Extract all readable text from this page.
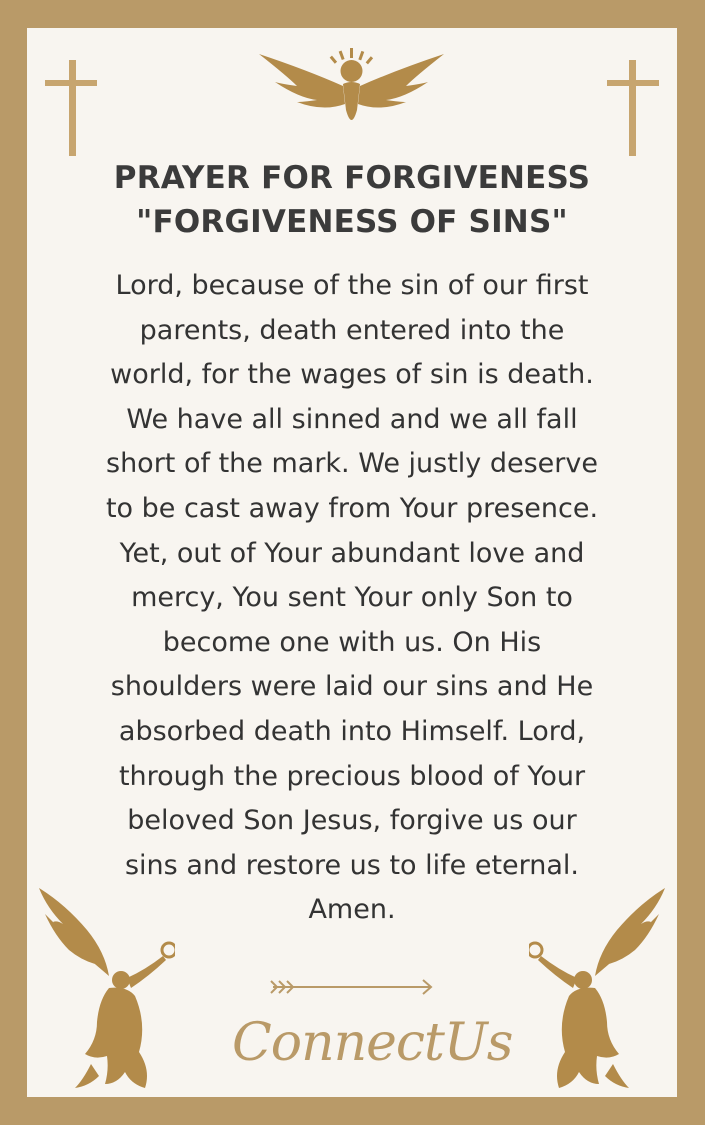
PRAYER FOR FORGIVENESS
"FORGIVENESS OF SINS"
Lord, because of the sin of our first
parents, death entered into the
world, for the wages of sin is death.
We have all sinned and we all fall
short of the mark. We justly deserve
to be cast away from Your presence.
Yet, out of Your abundant love and
mercy, You sent Your only Son to
become one with us. On His
shoulders were laid our sins and He
absorbed death into Himself. Lord,
through the precious blood of Your
beloved Son Jesus, forgive us our
sins and restore us to life eternal.
Amen.
ConnectUs
